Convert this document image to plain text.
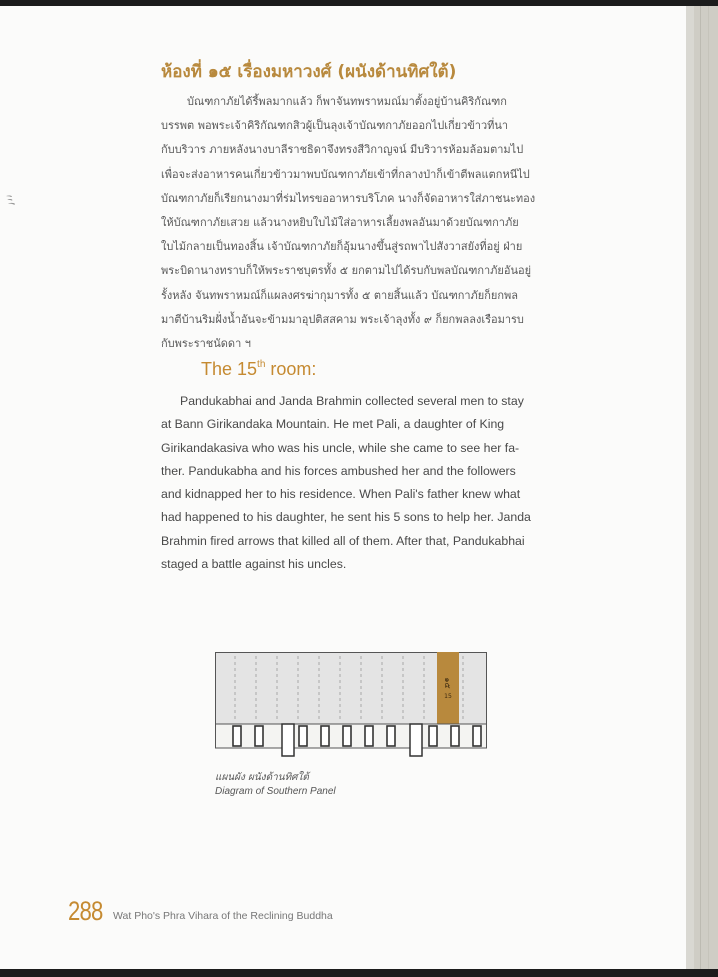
ﾐ
ห้องที่ ๑๕ เรื่องมหาวงศ์ (ผนังด้านทิศใต้)
บัณฑกาภัยได้รี้พลมากแล้ว ก็พาจันทพราหมณ์มาตั้งอยู่บ้านคิริกัณฑก
บรรพต พอพระเจ้าคิริกัณฑกสิวผู้เป็นลุงเจ้าบัณฑกาภัยออกไปเกี่ยวข้าวที่นา
กับบริวาร ภายหลังนางบาลีราชธิดาจึงทรงสีวิกาญจน์ มีบริวารห้อมล้อมตามไป
เพื่อจะส่งอาหารคนเกี่ยวข้าวมาพบบัณฑกาภัยเข้าที่กลางป่าก็เข้าตีพลแตกหนีไป
บัณฑกาภัยก็เรียกนางมาที่ร่มไทรขออาหารบริโภค นางก็จัดอาหารใส่ภาชนะทอง
ให้บัณฑกาภัยเสวย แล้วนางหยิบใบไม้ใส่อาหารเลี้ยงพลอันมาด้วยบัณฑกาภัย
ใบไม้กลายเป็นทองสิ้น เจ้าบัณฑกาภัยก็อุ้มนางขึ้นสู่รถพาไปสังวาสยังที่อยู่ ฝ่าย
พระบิดานางทราบก็ให้พระราชบุตรทั้ง ๕ ยกตามไปได้รบกับพลบัณฑกาภัยอันอยู่
รั้งหลัง จันทพราหมณ์ก็แผลงศรฆ่ากุมารทั้ง ๕ ตายสิ้นแล้ว บัณฑกาภัยก็ยกพล
มาตีบ้านริมฝั่งน้ำอันจะข้ามมาอุปติสสคาม พระเจ้าลุงทั้ง ๙ ก็ยกพลลงเรือมารบ
กับพระราชนัดดา ฯ
The 15th room:
Pandukabhai and Janda Brahmin collected several men to stay
at Bann Girikandaka Mountain. He met Pali, a daughter of King
Girikandakasiva who was his uncle, while she came to see her fa-
ther. Pandukabha and his forces ambushed her and the followers
and kidnapped her to his residence. When Pali's father knew what
had happened to his daughter, he sent his 5 sons to help her. Janda
Brahmin fired arrows that killed all of them. After that, Pandukabhai
staged a battle against his uncles.
๑๕
15
แผนผัง ผนังด้านทิศใต้
Diagram of Southern Panel
288 Wat Pho's Phra Vihara of the Reclining Buddha
